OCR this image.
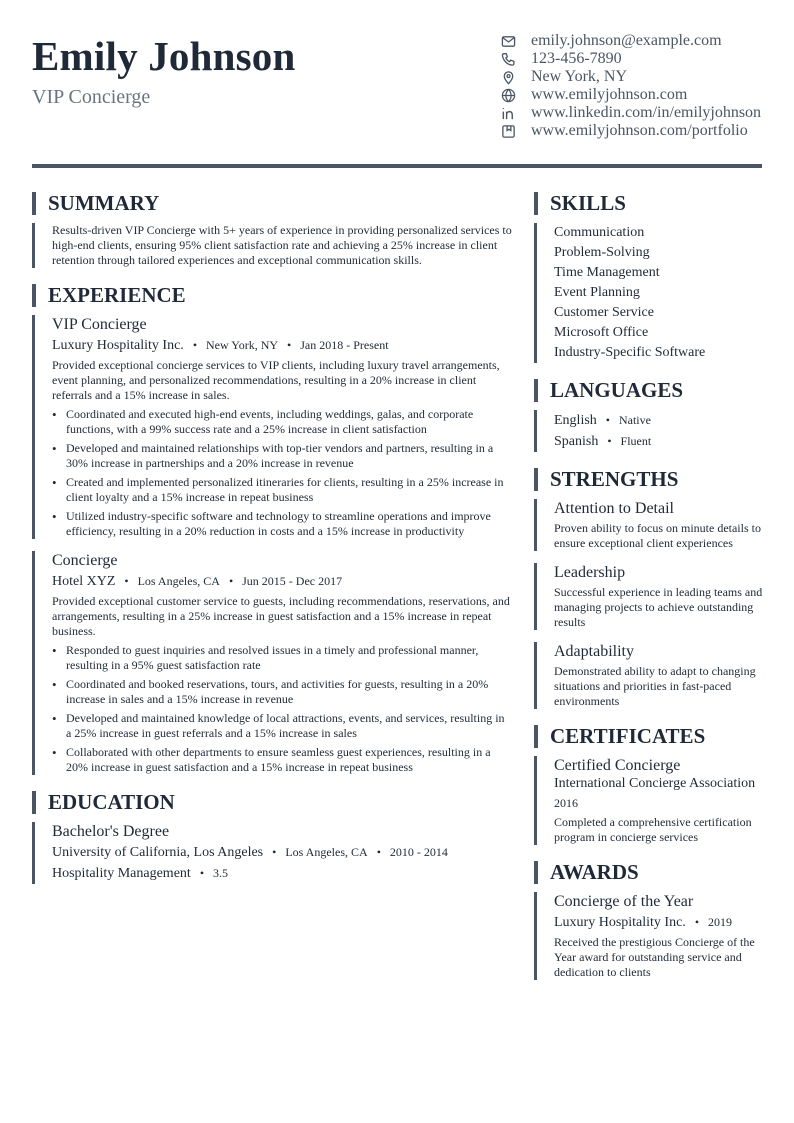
Emily Johnson
VIP Concierge
emily.johnson@example.com
123-456-7890
New York, NY
www.emilyjohnson.com
www.linkedin.com/in/emilyjohnson
www.emilyjohnson.com/portfolio
SUMMARY
Results-driven VIP Concierge with 5+ years of experience in providing personalized services to high-end clients, ensuring 95% client satisfaction rate and achieving a 25% increase in client retention through tailored experiences and exceptional communication skills.
EXPERIENCE
VIP Concierge
Luxury Hospitality Inc. • New York, NY • Jan 2018 - Present
Provided exceptional concierge services to VIP clients, including luxury travel arrangements, event planning, and personalized recommendations, resulting in a 20% increase in client referrals and a 15% increase in sales.
• Coordinated and executed high-end events, including weddings, galas, and corporate functions, with a 99% success rate and a 25% increase in client satisfaction
• Developed and maintained relationships with top-tier vendors and partners, resulting in a 30% increase in partnerships and a 20% increase in revenue
• Created and implemented personalized itineraries for clients, resulting in a 25% increase in client loyalty and a 15% increase in repeat business
• Utilized industry-specific software and technology to streamline operations and improve efficiency, resulting in a 20% reduction in costs and a 15% increase in productivity
Concierge
Hotel XYZ • Los Angeles, CA • Jun 2015 - Dec 2017
Provided exceptional customer service to guests, including recommendations, reservations, and arrangements, resulting in a 25% increase in guest satisfaction and a 15% increase in repeat business.
• Responded to guest inquiries and resolved issues in a timely and professional manner, resulting in a 95% guest satisfaction rate
• Coordinated and booked reservations, tours, and activities for guests, resulting in a 20% increase in sales and a 15% increase in revenue
• Developed and maintained knowledge of local attractions, events, and services, resulting in a 25% increase in guest referrals and a 15% increase in sales
• Collaborated with other departments to ensure seamless guest experiences, resulting in a 20% increase in guest satisfaction and a 15% increase in repeat business
EDUCATION
Bachelor's Degree
University of California, Los Angeles • Los Angeles, CA • 2010 - 2014
Hospitality Management • 3.5
SKILLS
Communication
Problem-Solving
Time Management
Event Planning
Customer Service
Microsoft Office
Industry-Specific Software
LANGUAGES
English • Native
Spanish • Fluent
STRENGTHS
Attention to Detail
Proven ability to focus on minute details to ensure exceptional client experiences
Leadership
Successful experience in leading teams and managing projects to achieve outstanding results
Adaptability
Demonstrated ability to adapt to changing situations and priorities in fast-paced environments
CERTIFICATES
Certified Concierge
International Concierge Association
2016
Completed a comprehensive certification program in concierge services
AWARDS
Concierge of the Year
Luxury Hospitality Inc. • 2019
Received the prestigious Concierge of the Year award for outstanding service and dedication to clients
